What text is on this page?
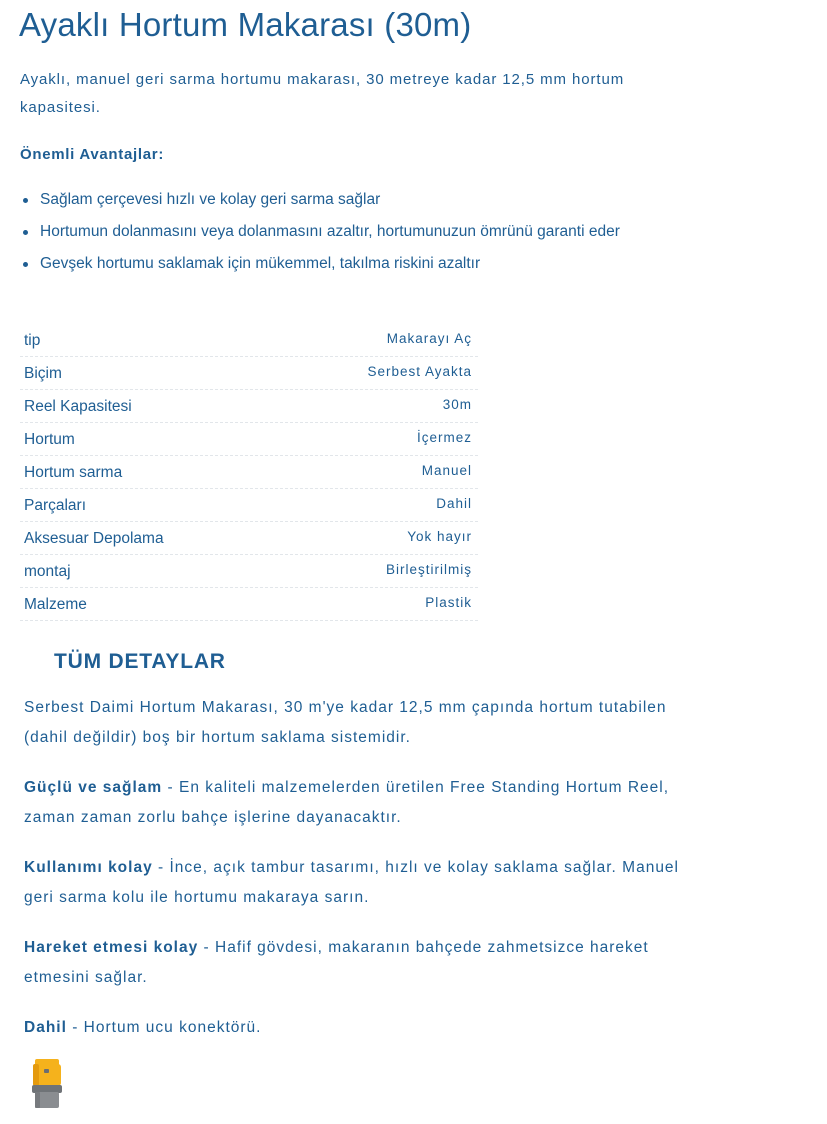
Ayaklı Hortum Makarası (30m)

Ayaklı, manuel geri sarma hortumu makarası, 30 metreye kadar 12,5 mm hortum kapasitesi.

Önemli Avantajlar:
Sağlam çerçevesi hızlı ve kolay geri sarma sağlar
Hortumun dolanmasını veya dolanmasını azaltır, hortumunuzun ömrünü garanti eder
Gevşek hortumu saklamak için mükemmel, takılma riskini azaltır
tip	Makarayı Aç
Biçim	Serbest Ayakta
Reel Kapasitesi	30m
Hortum	İçermez
Hortum sarma	Manuel
Parçaları	Dahil
Aksesuar Depolama	Yok hayır
montaj	Birleştirilmiş
Malzeme	Plastik
TÜM DETAYLAR

Serbest Daimi Hortum Makarası, 30 m'ye kadar 12,5 mm çapında hortum tutabilen (dahil değildir) boş bir hortum saklama sistemidir.

Güçlü ve sağlam - En kaliteli malzemelerden üretilen Free Standing Hortum Reel, zaman zaman zorlu bahçe işlerine dayanacaktır.

Kullanımı kolay - İnce, açık tambur tasarımı, hızlı ve kolay saklama sağlar. Manuel geri sarma kolu ile hortumu makaraya sarın.

Hareket etmesi kolay - Hafif gövdesi, makaranın bahçede zahmetsizce hareket etmesini sağlar.

Dahil - Hortum ucu konektörü.
